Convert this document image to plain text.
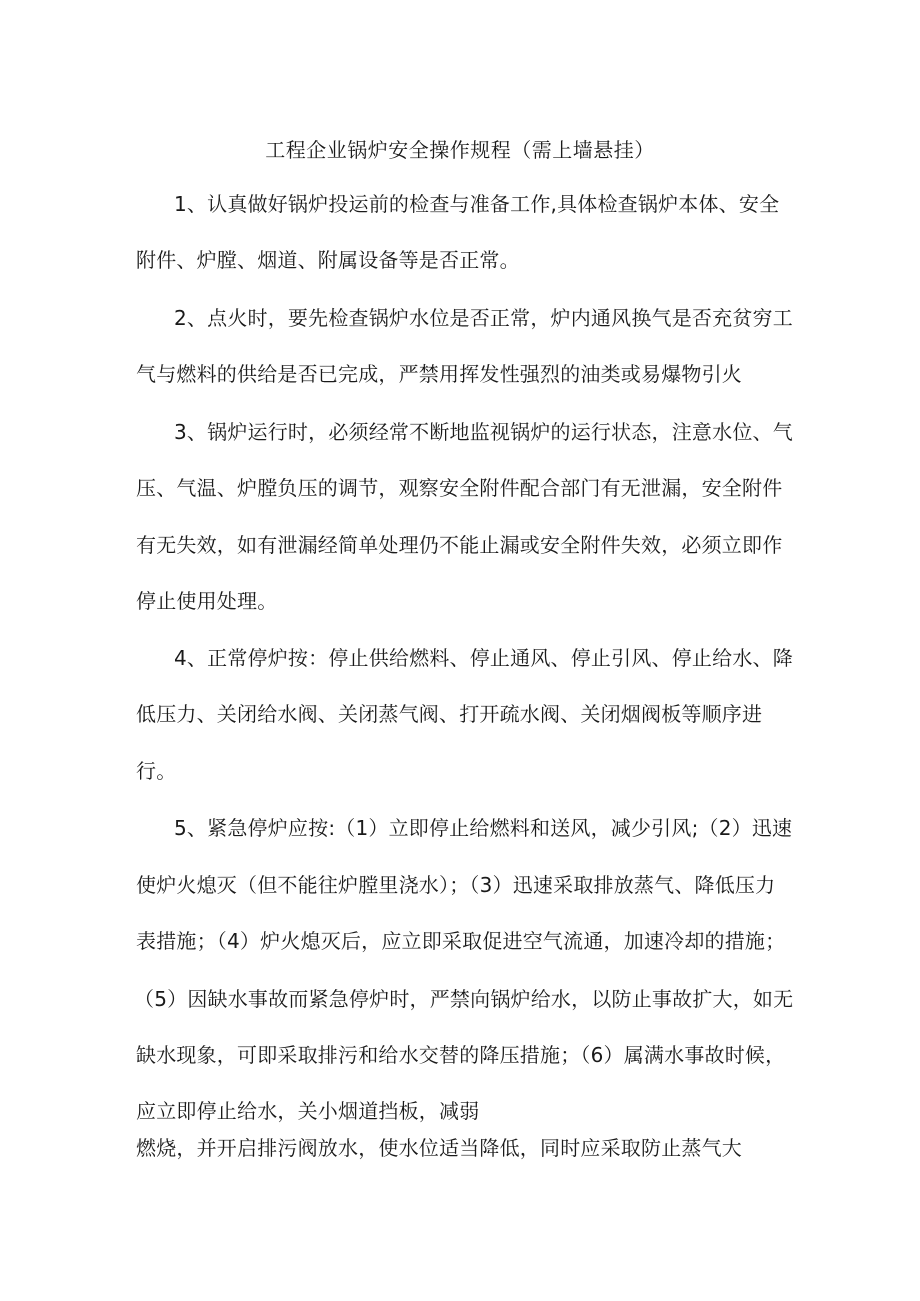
工程企业锅炉安全操作规程（需上墙悬挂）
1、认真做好锅炉投运前的检查与准备工作,具体检查锅炉本体、安全
附件、炉膛、烟道、附属设备等是否正常。
2、点火时，要先检查锅炉水位是否正常，炉内通风换气是否充贫穷工
气与燃料的供给是否已完成，严禁用挥发性强烈的油类或易爆物引火
3、锅炉运行时，必须经常不断地监视锅炉的运行状态，注意水位、气
压、气温、炉膛负压的调节，观察安全附件配合部门有无泄漏，安全附件
有无失效，如有泄漏经简单处理仍不能止漏或安全附件失效，必须立即作
停止使用处理。
4、正常停炉按：停止供给燃料、停止通风、停止引风、停止给水、降
低压力、关闭给水阀、关闭蒸气阀、打开疏水阀、关闭烟阀板等顺序进
行。
5、紧急停炉应按:（1）立即停止给燃料和送风，减少引风;（2）迅速
使炉火熄灭（但不能往炉膛里浇水）；（3）迅速采取排放蒸气、降低压力
表措施；（4）炉火熄灭后，应立即采取促进空气流通，加速冷却的措施；
（5）因缺水事故而紧急停炉时，严禁向锅炉给水，以防止事故扩大，如无
缺水现象，可即采取排污和给水交替的降压措施；（6）属满水事故时候，
应立即停止给水，关小烟道挡板，减弱
燃烧，并开启排污阀放水，使水位适当降低，同时应采取防止蒸气大
